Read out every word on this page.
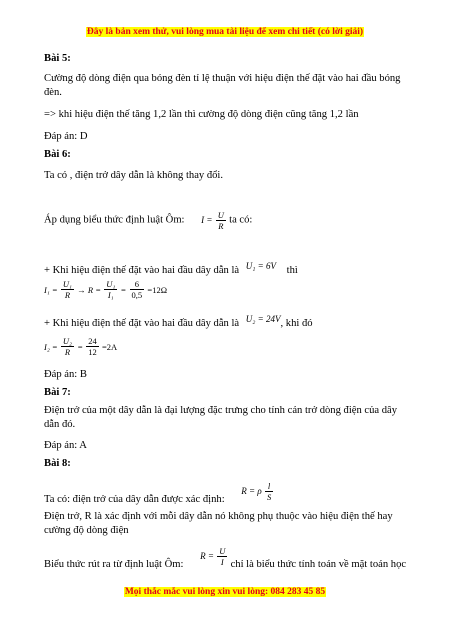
Đây là bản xem thử, vui lòng mua tài liệu để xem chi tiết (có lời giải)
Bài 5:
Cường độ dòng điện qua bóng đèn tỉ lệ thuận với hiệu điện thế đặt vào hai đầu bóng đèn.
=> khi hiệu điện thế tăng 1,2 lần thì cường độ dòng điện cũng tăng 1,2 lần
Đáp án: D
Bài 6:
Ta có , điện trở dây dẫn là không thay đổi.
Áp dụng biểu thức định luật Ôm: $I = \frac{U}{R}$ ta có:
+ Khi hiệu điện thế đặt vào hai đầu dây dẫn là $^{U_1 = 6V}$ thì
$I_1 = \frac{\text{U₁}}{R} \to R = \frac{\text{U₁}}{\text{I₁}} = \frac{6}{0,5} =12\Omega$
+ Khi hiệu điện thế đặt vào hai đầu dây dẫn là $^{U_2 = 24V}$, khi đó
$I_2 = \frac{\text{U₂}}{R} = \frac{24}{12} =2A$
Đáp án: B
Bài 7:
Điện trở của một dây dẫn là đại lượng đặc trưng cho tính cản trở dòng điện của dây dẫn đó.
Đáp án: A
Bài 8:
Ta có: điện trở của dây dẫn được xác định: R = ρ $\frac{l}{S}$
Điện trở, R là xác định với mỗi dây dẫn nó không phụ thuộc vào hiệu điện thế hay cường độ dòng điện
Biểu thức rút ra từ định luật Ôm: $R = \frac{U}{I}$ chỉ là biểu thức tính toán về mặt toán học
Mọi thắc mắc vui lòng xin vui lòng: 084 283 45 85
